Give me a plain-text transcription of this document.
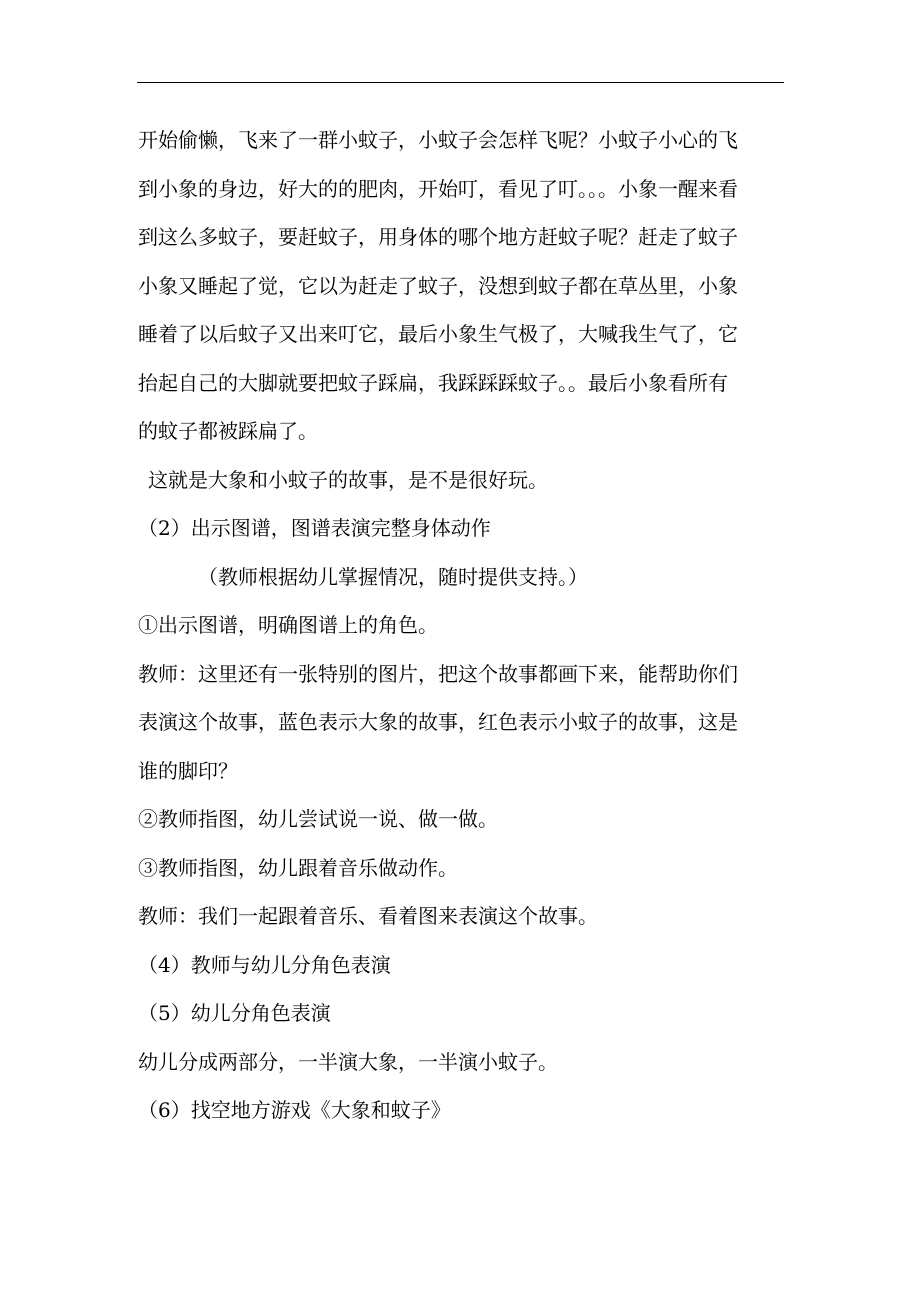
开始偷懒，飞来了一群小蚊子，小蚊子会怎样飞呢？小蚊子小心的飞

到小象的身边，好大的的肥肉，开始叮，看见了叮。。。小象一醒来看

到这么多蚊子，要赶蚊子，用身体的哪个地方赶蚊子呢？赶走了蚊子

小象又睡起了觉，它以为赶走了蚊子，没想到蚊子都在草丛里，小象

睡着了以后蚊子又出来叮它，最后小象生气极了，大喊我生气了，它

抬起自己的大脚就要把蚊子踩扁，我踩踩踩蚊子。。最后小象看所有

的蚊子都被踩扁了。

这就是大象和小蚊子的故事，是不是很好玩。

（2）出示图谱，图谱表演完整身体动作

（教师根据幼儿掌握情况，随时提供支持。）

①出示图谱，明确图谱上的角色。

教师：这里还有一张特别的图片，把这个故事都画下来，能帮助你们

表演这个故事，蓝色表示大象的故事，红色表示小蚊子的故事，这是

谁的脚印？

②教师指图，幼儿尝试说一说、做一做。

③教师指图，幼儿跟着音乐做动作。

教师：我们一起跟着音乐、看着图来表演这个故事。

（4）教师与幼儿分角色表演

（5）幼儿分角色表演

幼儿分成两部分，一半演大象，一半演小蚊子。

（6）找空地方游戏《大象和蚊子》
